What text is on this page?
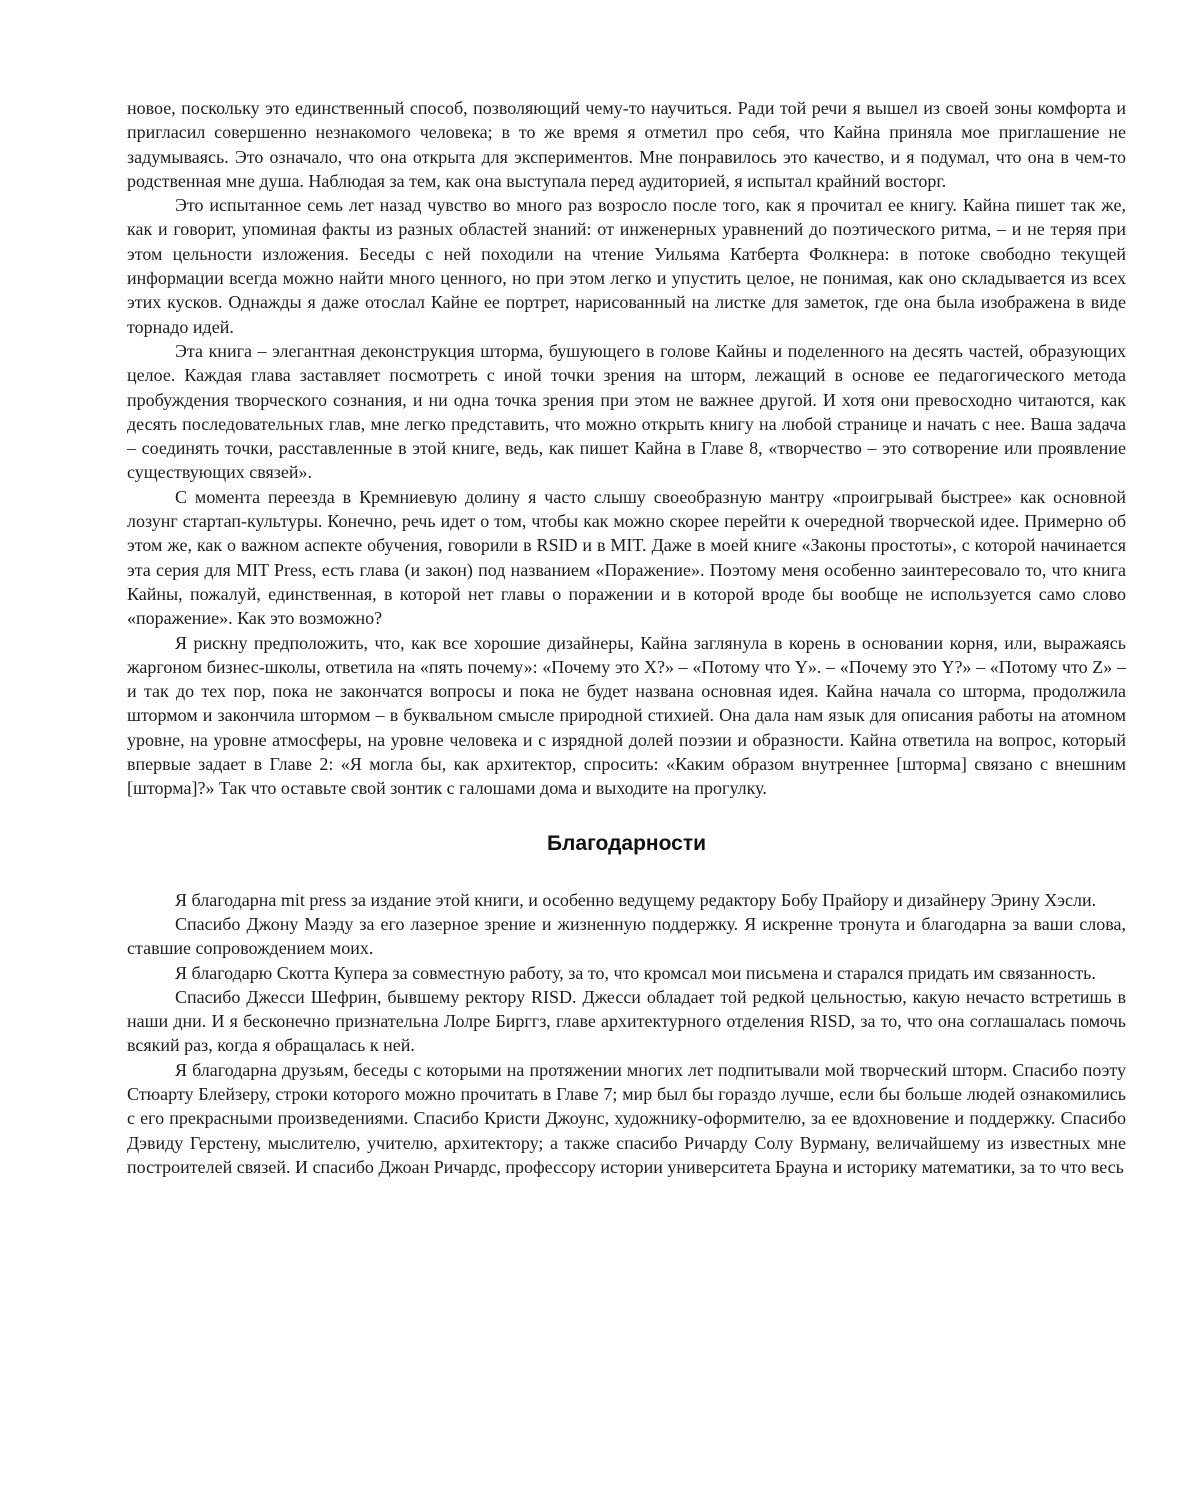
новое, поскольку это единственный способ, позволяющий чему-то научиться. Ради той речи я вышел из своей зоны комфорта и пригласил совершенно незнакомого человека; в то же время я отметил про себя, что Кайна приняла мое приглашение не задумываясь. Это означало, что она открыта для экспериментов. Мне понравилось это качество, и я подумал, что она в чем-то родственная мне душа. Наблюдая за тем, как она выступала перед аудиторией, я испытал крайний восторг.

Это испытанное семь лет назад чувство во много раз возросло после того, как я прочитал ее книгу. Кайна пишет так же, как и говорит, упоминая факты из разных областей знаний: от инженерных уравнений до поэтического ритма, – и не теряя при этом цельности изложения. Беседы с ней походили на чтение Уильяма Катберта Фолкнера: в потоке свободно текущей информации всегда можно найти много ценного, но при этом легко и упустить целое, не понимая, как оно складывается из всех этих кусков. Однажды я даже отослал Кайне ее портрет, нарисованный на листке для заметок, где она была изображена в виде торнадо идей.

Эта книга – элегантная деконструкция шторма, бушующего в голове Кайны и поделенного на десять частей, образующих целое. Каждая глава заставляет посмотреть с иной точки зрения на шторм, лежащий в основе ее педагогического метода пробуждения творческого сознания, и ни одна точка зрения при этом не важнее другой. И хотя они превосходно читаются, как десять последовательных глав, мне легко представить, что можно открыть книгу на любой странице и начать с нее. Ваша задача – соединять точки, расставленные в этой книге, ведь, как пишет Кайна в Главе 8, «творчество – это сотворение или проявление существующих связей».

С момента переезда в Кремниевую долину я часто слышу своеобразную мантру «проигрывай быстрее» как основной лозунг стартап-культуры. Конечно, речь идет о том, чтобы как можно скорее перейти к очередной творческой идее. Примерно об этом же, как о важном аспекте обучения, говорили в RSID и в MIT. Даже в моей книге «Законы простоты», с которой начинается эта серия для MIT Press, есть глава (и закон) под названием «Поражение». Поэтому меня особенно заинтересовало то, что книга Кайны, пожалуй, единственная, в которой нет главы о поражении и в которой вроде бы вообще не используется само слово «поражение». Как это возможно?

Я рискну предположить, что, как все хорошие дизайнеры, Кайна заглянула в корень в основании корня, или, выражаясь жаргоном бизнес-школы, ответила на «пять почему»: «Почему это X?» – «Потому что Y». – «Почему это Y?» – «Потому что Z» – и так до тех пор, пока не закончатся вопросы и пока не будет названа основная идея. Кайна начала со шторма, продолжила штормом и закончила штормом – в буквальном смысле природной стихией. Она дала нам язык для описания работы на атомном уровне, на уровне атмосферы, на уровне человека и с изрядной долей поэзии и образности. Кайна ответила на вопрос, который впервые задает в Главе 2: «Я могла бы, как архитектор, спросить: «Каким образом внутреннее [шторма] связано с внешним [шторма]?» Так что оставьте свой зонтик с галошами дома и выходите на прогулку.

Благодарности

Я благодарна mit press за издание этой книги, и особенно ведущему редактору Бобу Прайору и дизайнеру Эрину Хэсли.

Спасибо Джону Маэду за его лазерное зрение и жизненную поддержку. Я искренне тронута и благодарна за ваши слова, ставшие сопровождением моих.

Я благодарю Скотта Купера за совместную работу, за то, что кромсал мои письмена и старался придать им связанность.

Спасибо Джесси Шефрин, бывшему ректору RISD. Джесси обладает той редкой цельностью, какую нечасто встретишь в наши дни. И я бесконечно признательна Лолре Бирггз, главе архитектурного отделения RISD, за то, что она соглашалась помочь всякий раз, когда я обращалась к ней.

Я благодарна друзьям, беседы с которыми на протяжении многих лет подпитывали мой творческий шторм. Спасибо поэту Стюарту Блейзеру, строки которого можно прочитать в Главе 7; мир был бы гораздо лучше, если бы больше людей ознакомились с его прекрасными произведениями. Спасибо Кристи Джоунс, художнику-оформителю, за ее вдохновение и поддержку. Спасибо Дэвиду Герстену, мыслителю, учителю, архитектору; а также спасибо Ричарду Солу Вурману, величайшему из известных мне построителей связей. И спасибо Джоан Ричардс, профессору истории университета Брауна и историку математики, за то что весь
